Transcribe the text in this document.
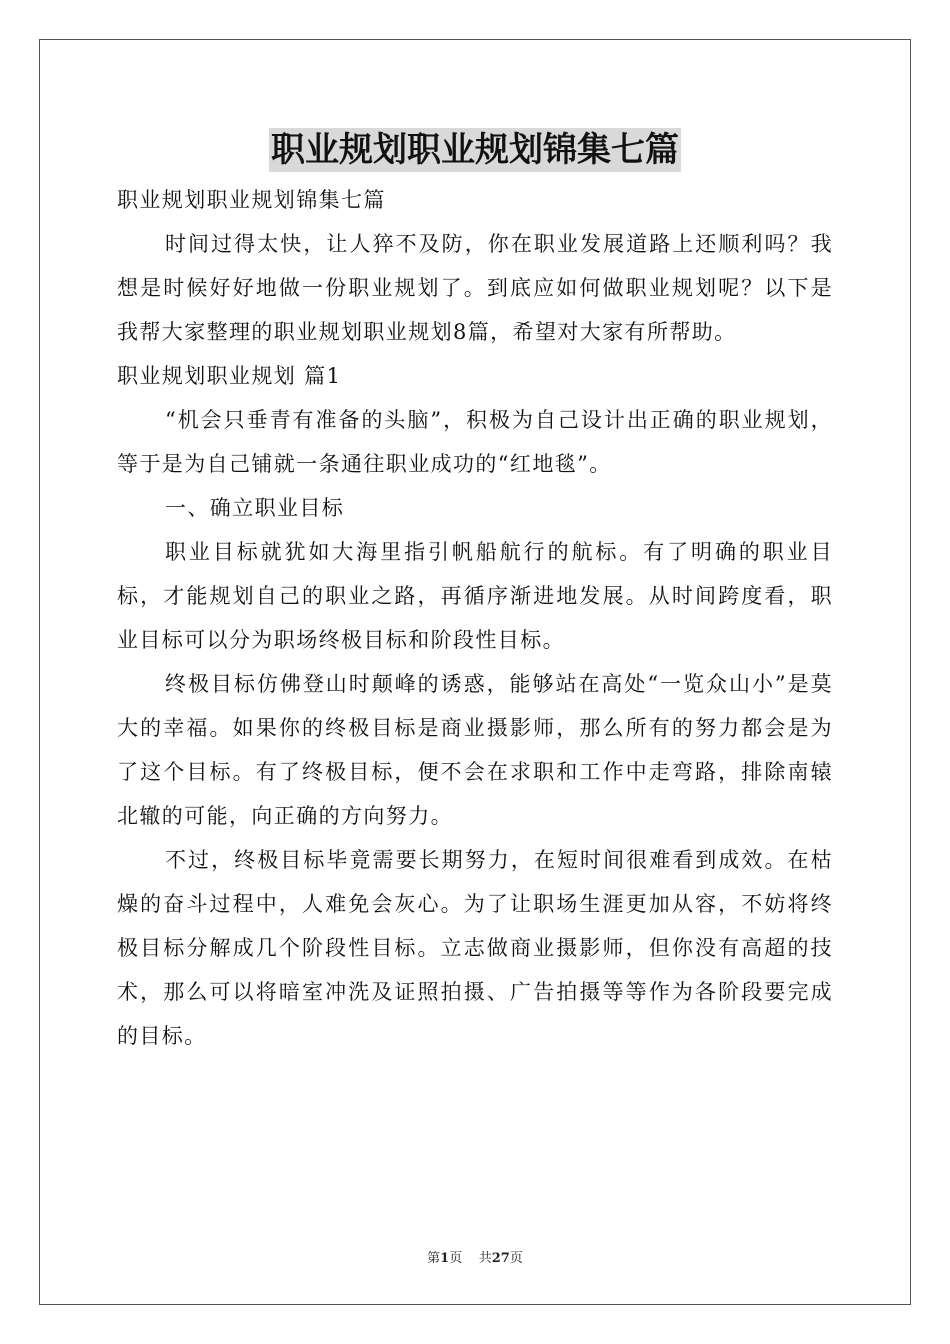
职业规划职业规划锦集七篇

职业规划职业规划锦集七篇

时间过得太快，让人猝不及防，你在职业发展道路上还顺利吗？我想是时候好好地做一份职业规划了。到底应如何做职业规划呢？以下是我帮大家整理的职业规划职业规划8篇，希望对大家有所帮助。

职业规划职业规划 篇1

“机会只垂青有准备的头脑”，积极为自己设计出正确的职业规划，等于是为自己铺就一条通往职业成功的“红地毯”。

一、确立职业目标

职业目标就犹如大海里指引帆船航行的航标。有了明确的职业目标，才能规划自己的职业之路，再循序渐进地发展。从时间跨度看，职业目标可以分为职场终极目标和阶段性目标。

终极目标仿佛登山时颠峰的诱惑，能够站在高处“一览众山小”是莫大的幸福。如果你的终极目标是商业摄影师，那么所有的努力都会是为了这个目标。有了终极目标，便不会在求职和工作中走弯路，排除南辕北辙的可能，向正确的方向努力。

不过，终极目标毕竟需要长期努力，在短时间很难看到成效。在枯燥的奋斗过程中，人难免会灰心。为了让职场生涯更加从容，不妨将终极目标分解成几个阶段性目标。立志做商业摄影师，但你没有高超的技术，那么可以将暗室冲洗及证照拍摄、广告拍摄等等作为各阶段要完成的目标。

第1页 共27页
